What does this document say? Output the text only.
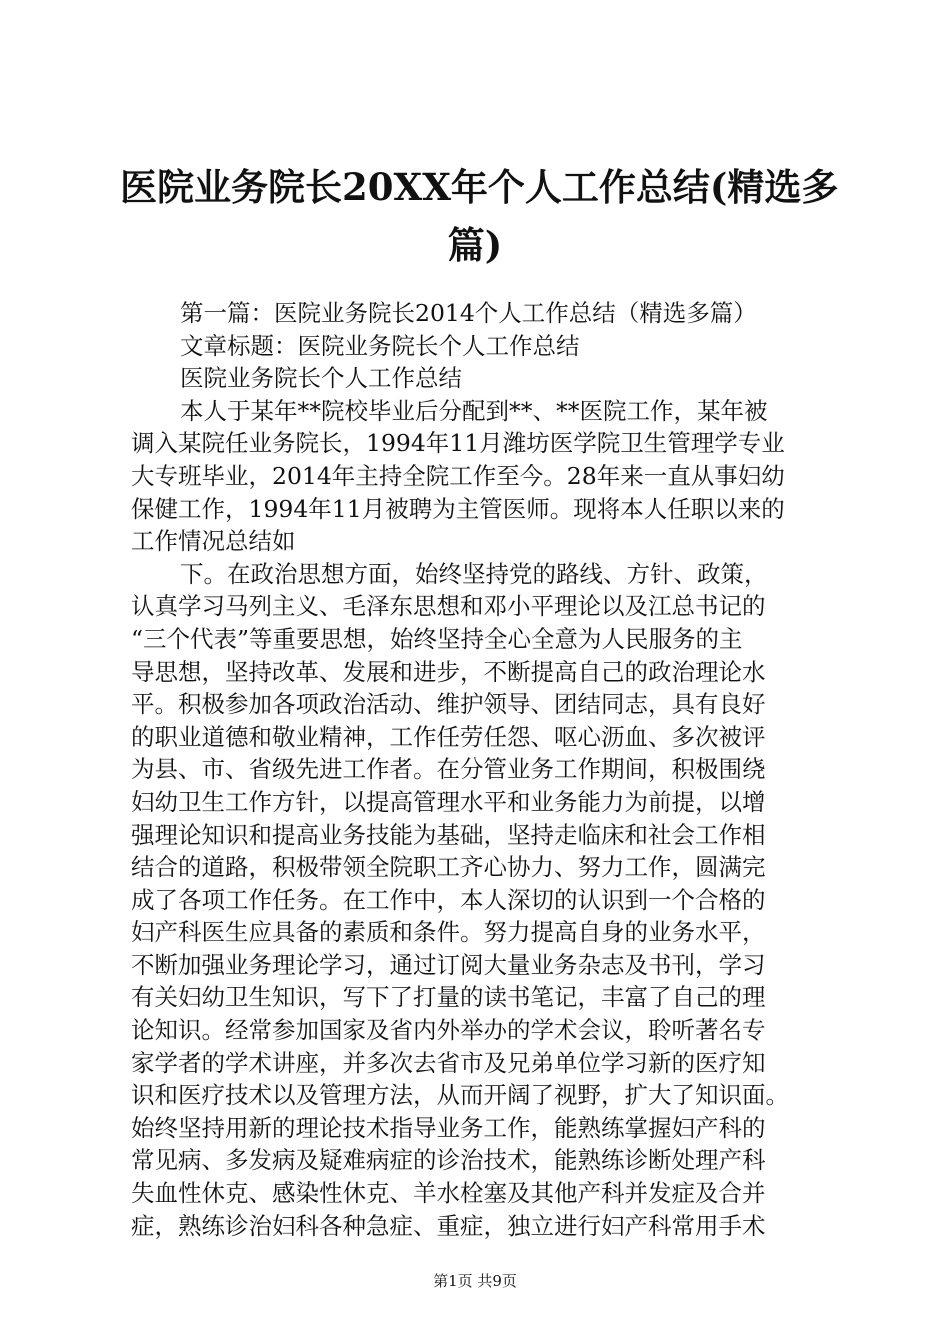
医院业务院长20XX年个人工作总结(精选多
篇)
第一篇：医院业务院长2014个人工作总结（精选多篇）
文章标题：医院业务院长个人工作总结
医院业务院长个人工作总结
本人于某年**院校毕业后分配到**、**医院工作，某年被
调入某院任业务院长，1994年11月潍坊医学院卫生管理学专业
大专班毕业，2014年主持全院工作至今。28年来一直从事妇幼
保健工作，1994年11月被聘为主管医师。现将本人任职以来的
工作情况总结如
下。在政治思想方面，始终坚持党的路线、方针、政策，
认真学习马列主义、毛泽东思想和邓小平理论以及江总书记的
“三个代表”等重要思想，始终坚持全心全意为人民服务的主
导思想，坚持改革、发展和进步，不断提高自己的政治理论水
平。积极参加各项政治活动、维护领导、团结同志，具有良好
的职业道德和敬业精神，工作任劳任怨、呕心沥血、多次被评
为县、市、省级先进工作者。在分管业务工作期间，积极围绕
妇幼卫生工作方针，以提高管理水平和业务能力为前提，以增
强理论知识和提高业务技能为基础，坚持走临床和社会工作相
结合的道路，积极带领全院职工齐心协力、努力工作，圆满完
成了各项工作任务。在工作中，本人深切的认识到一个合格的
妇产科医生应具备的素质和条件。努力提高自身的业务水平，
不断加强业务理论学习，通过订阅大量业务杂志及书刊，学习
有关妇幼卫生知识，写下了打量的读书笔记，丰富了自己的理
论知识。经常参加国家及省内外举办的学术会议，聆听著名专
家学者的学术讲座，并多次去省市及兄弟单位学习新的医疗知
识和医疗技术以及管理方法，从而开阔了视野，扩大了知识面。
始终坚持用新的理论技术指导业务工作，能熟练掌握妇产科的
常见病、多发病及疑难病症的诊治技术，能熟练诊断处理产科
失血性休克、感染性休克、羊水栓塞及其他产科并发症及合并
症，熟练诊治妇科各种急症、重症，独立进行妇产科常用手术
第1页 共9页
